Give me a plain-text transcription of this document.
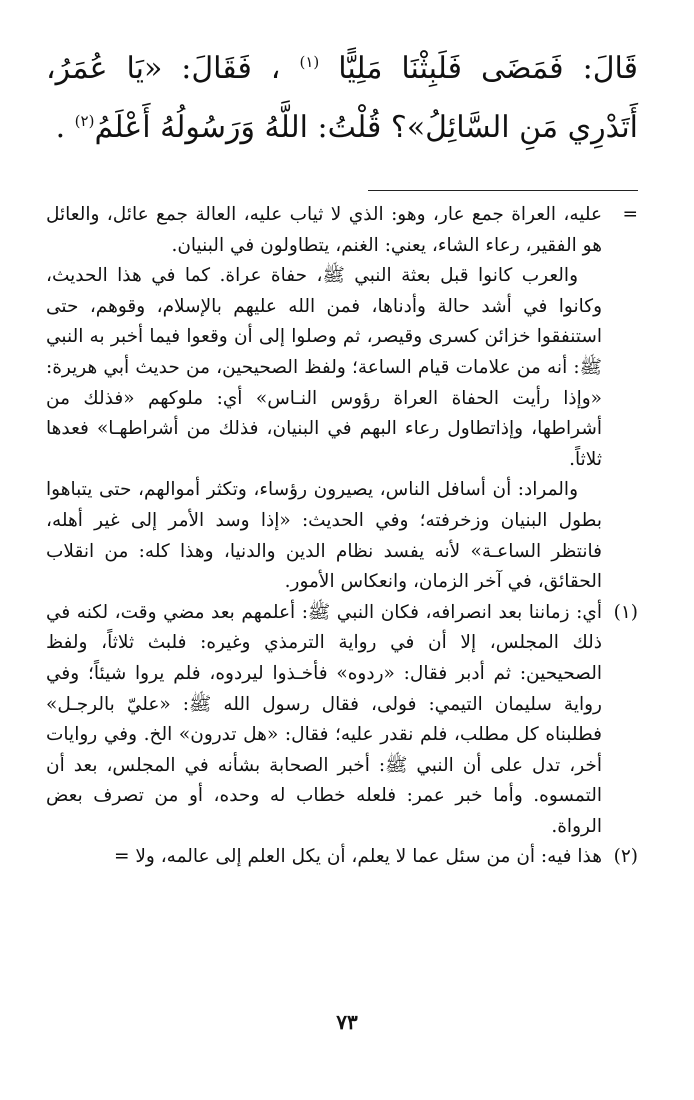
قَالَ: فَمَضَى فَلَبِثْنَا مَلِيًّا $^{(١)}$ ، فَقَالَ: «يَا عُمَرُ، أَتَدْرِي مَنِ السَّائِلُ»؟ قُلْتُ: اللَّهُ وَرَسُولُهُ أَعْلَمُ$^{(٢)}$ .

=

عليه، العراة جمع عار، وهو: الذي لا ثياب عليه، العالة جمع عائل، والعائل هو الفقير، رعاء الشاء، يعني: الغنم، يتطاولون في البنيان.

والعرب كانوا قبل بعثة النبي ﷺ، حفاة عراة. كما في هذا الحديث، وكانوا في أشد حالة وأدناها، فمن الله عليهم بالإسلام، وقوهم، حتى استنفقوا خزائن كسرى وقيصر، ثم وصلوا إلى أن وقعوا فيما أخبر به النبي ﷺ: أنه من علامات قيام الساعة؛ ولفظ الصحيحين، من حديث أبي هريرة: «وإذا رأيت الحفاة العراة رؤوس النـاس» أي: ملوكهم «فذلك من أشراطها، وإذاتطاول رعاء البهم في البنيان، فذلك من أشراطهـا» فعدها ثلاثاً.

والمراد: أن أسافل الناس، يصيرون رؤساء، وتكثر أموالهم، حتى يتباهوا بطول البنيان وزخرفته؛ وفي الحديث: «إذا وسد الأمر إلى غير أهله، فانتظر الساعـة» لأنه يفسد نظام الدين والدنيا، وهذا كله: من انقلاب الحقائق، في آخر الزمان، وانعكاس الأمور.

(١)

أي: زماننا بعد انصرافه، فكان النبي ﷺ: أعلمهم بعد مضي وقت، لكنه في ذلك المجلس، إلا أن في رواية الترمذي وغيره: فلبث ثلاثاً، ولفظ الصحيحين: ثم أدبر فقال: «ردوه» فأخـذوا ليردوه، فلم يروا شيئاً؛ وفي رواية سليمان التيمي: فولى، فقال رسول الله ﷺ: «عليّ بالرجـل» فطلبناه كل مطلب، فلم نقدر عليه؛ فقال: «هل تدرون» الخ. وفي روايات أخر، تدل على أن النبي ﷺ: أخبر الصحابة بشأنه في المجلس، بعد أن التمسوه. وأما خبر عمر: فلعله خطاب له وحده، أو من تصرف بعض الرواة.

(٢)

هذا فيه: أن من سئل عما لا يعلم، أن يكل العلم إلى عالمه، ولا =

٧٣
